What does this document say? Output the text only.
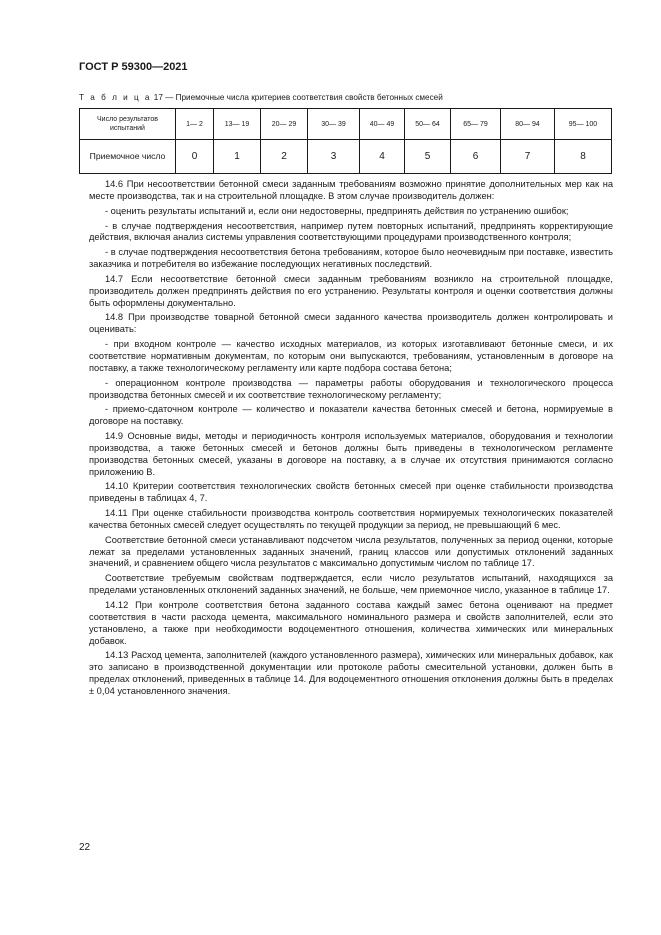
ГОСТ Р 59300—2021
Т а б л и ц а 17 — Приемочные числа критериев соответствия свойств бетонных смесей
Число результатов испытаний	1— 2	13— 19	20— 29	30— 39	40— 49	50— 64	65— 79	80— 94	95— 100
Приемочное число	0	1	2	3	4	5	6	7	8

14.6 При несоответствии бетонной смеси заданным требованиям возможно принятие дополнительных мер как на месте производства, так и на строительной площадке. В этом случае производитель должен:

- оценить результаты испытаний и, если они недостоверны, предпринять действия по устранению ошибок;

- в случае подтверждения несоответствия, например путем повторных испытаний, предпринять корректирующие действия, включая анализ системы управления соответствующими процедурами производственного контроля;

- в случае подтверждения несоответствия бетона требованиям, которое было неочевидным при поставке, известить заказчика и потребителя во избежание последующих негативных последствий.

14.7 Если несоответствие бетонной смеси заданным требованиям возникло на строительной площадке, производитель должен предпринять действия по его устранению. Результаты контроля и оценки соответствия должны быть оформлены документально.

14.8 При производстве товарной бетонной смеси заданного качества производитель должен контролировать и оценивать:

- при входном контроле — качество исходных материалов, из которых изготавливают бетонные смеси, и их соответствие нормативным документам, по которым они выпускаются, требованиям, установленным в договоре на поставку, а также технологическому регламенту или карте подбора состава бетона;

- операционном контроле производства — параметры работы оборудования и технологического процесса производства бетонных смесей и их соответствие технологическому регламенту;

- приемо-сдаточном контроле — количество и показатели качества бетонных смесей и бетона, нормируемые в договоре на поставку.

14.9 Основные виды, методы и периодичность контроля используемых материалов, оборудования и технологии производства, а также бетонных смесей и бетонов должны быть приведены в технологическом регламенте производства бетонных смесей, указаны в договоре на поставку, а в случае их отсутствия принимаются согласно приложению В.

14.10 Критерии соответствия технологических свойств бетонных смесей при оценке стабильности производства приведены в таблицах 4, 7.

14.11 При оценке стабильности производства контроль соответствия нормируемых технологических показателей качества бетонных смесей следует осуществлять по текущей продукции за период, не превышающий 6 мес.

Соответствие бетонной смеси устанавливают подсчетом числа результатов, полученных за период оценки, которые лежат за пределами установленных заданных значений, границ классов или допустимых отклонений заданных значений, и сравнением общего числа результатов с максимально допустимым числом по таблице 17.

Соответствие требуемым свойствам подтверждается, если число результатов испытаний, находящихся за пределами установленных отклонений заданных значений, не больше, чем приемочное число, указанное в таблице 17.

14.12 При контроле соответствия бетона заданного состава каждый замес бетона оценивают на предмет соответствия в части расхода цемента, максимального номинального размера и свойств заполнителей, если это установлено, а также при необходимости водоцементного отношения, количества химических или минеральных добавок.

14.13 Расход цемента, заполнителей (каждого установленного размера), химических или минеральных добавок, как это записано в производственной документации или протоколе работы смесительной установки, должен быть в пределах отклонений, приведенных в таблице 14. Для водоцементного отношения отклонения должны быть в пределах ± 0,04 установленного значения.

22
